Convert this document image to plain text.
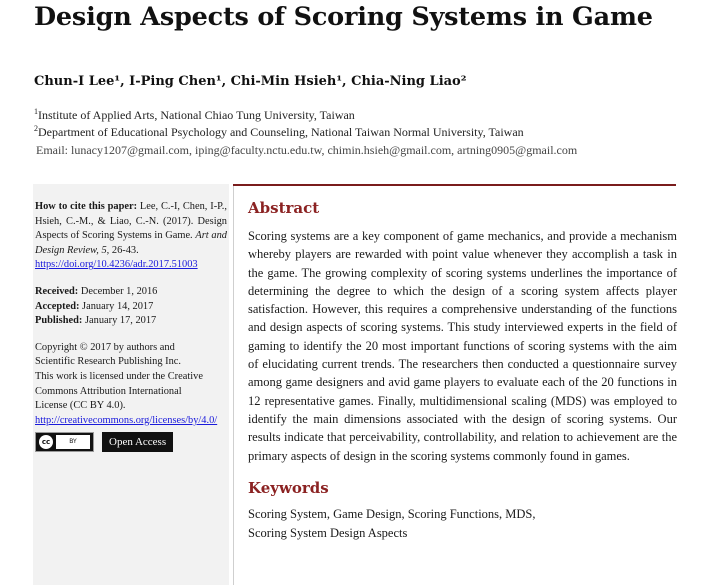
Design Aspects of Scoring Systems in Game
Chun-I Lee¹, I-Ping Chen¹, Chi-Min Hsieh¹, Chia-Ning Liao²
$^1$Institute of Applied Arts, National Chiao Tung University, Taiwan
$^2$Department of Educational Psychology and Counseling, National Taiwan Normal University, Taiwan
Email: lunacy1207@gmail.com, iping@faculty.nctu.edu.tw, chimin.hsieh@gmail.com, artning0905@gmail.com
How to cite this paper: Lee, C.-I, Chen, I-P., Hsieh, C.-M., & Liao, C.-N. (2017). Design Aspects of Scoring Systems in Game. Art and Design Review, 5, 26-43.
https://doi.org/10.4236/adr.2017.51003
Received: December 1, 2016
Accepted: January 14, 2017
Published: January 17, 2017
Copyright © 2017 by authors and
Scientific Research Publishing Inc.
This work is licensed under the Creative
Commons Attribution International
License (CC BY 4.0).
http://creativecommons.org/licenses/by/4.0/
cc	BY	Open Access
Abstract

Scoring systems are a key component of game mechanics, and provide a mechanism whereby players are rewarded with point value whenever they accomplish a task in the game. The growing complexity of scoring systems underlines the importance of determining the degree to which the design of a scoring system affects player satisfaction. However, this requires a comprehensive understanding of the functions and design aspects of scoring systems. This study interviewed experts in the field of gaming to identify the 20 most important functions of scoring systems with the aim of elucidating current trends. The researchers then conducted a questionnaire survey among game designers and avid game players to evaluate each of the 20 functions in 12 representative games. Finally, multidimensional scaling (MDS) was employed to identify the main dimensions associated with the design of scoring systems. Our results indicate that perceivability, controllability, and relation to achievement are the primary aspects of design in the scoring systems commonly found in games.

Keywords
Scoring System, Game Design, Scoring Functions, MDS,
Scoring System Design Aspects
